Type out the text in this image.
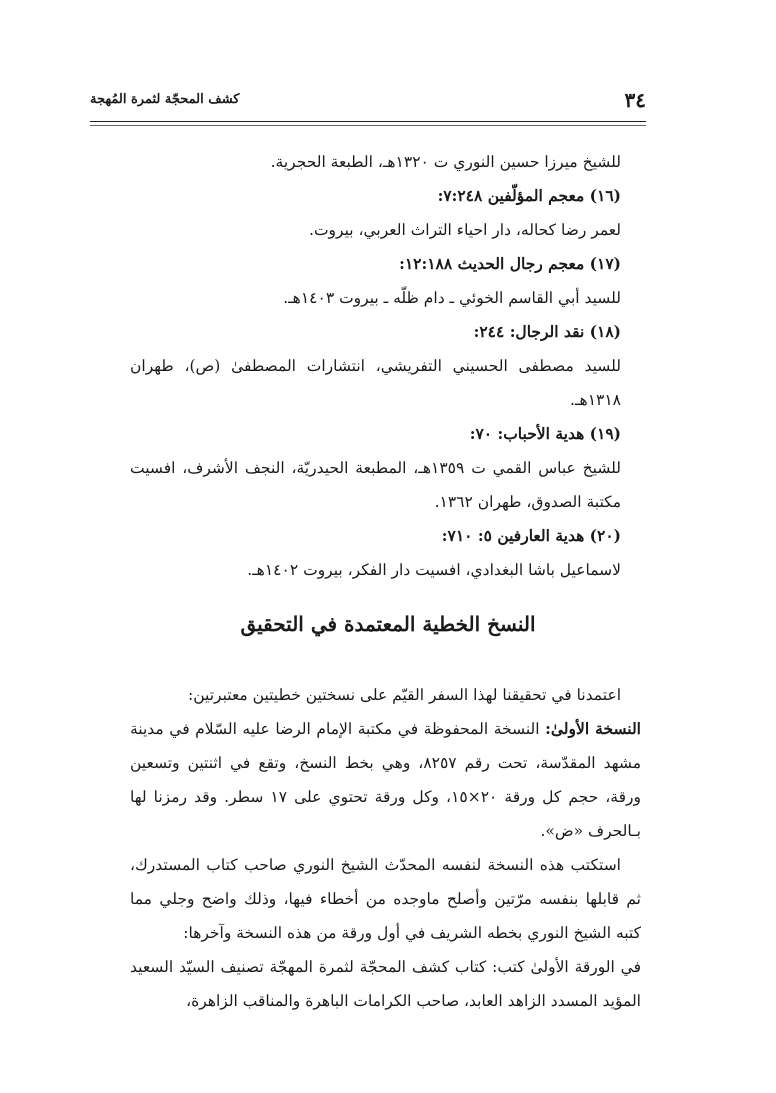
٣٤
كشف المحجّة لثمرة المُهجة

للشيخ ميرزا حسين النوري ت ١٣٢٠هـ، الطبعة الحجرية.

(١٦) معجم المؤلّفين ٧:٢٤٨:

لعمر رضا كحاله، دار احياء التراث العربي، بيروت.

(١٧) معجم رجال الحديث ١٢:١٨٨:

للسيد أبي القاسم الخوئي ـ دام ظلّه ـ بيروت ١٤٠٣هـ.

(١٨) نقد الرجال: ٢٤٤:

للسيد مصطفى الحسيني التفريشي، انتشارات المصطفىٰ (ص)، طهران ١٣١٨هـ.

(١٩) هدية الأحباب: ٧٠:

للشيخ عباس القمي ت ١٣٥٩هـ، المطبعة الحيدريّة، النجف الأشرف، افسيت مكتبة الصدوق، طهران ١٣٦٢.

(٢٠) هدية العارفين ٥: ٧١٠:

لاسماعيل باشا البغدادي، افسيت دار الفكر، بيروت ١٤٠٢هـ.

النسخ الخطية المعتمدة في التحقيق

اعتمدنا في تحقيقنا لهذا السفر القيّم على نسختين خطيتين معتبرتين:

النسخة الأولىٰ: النسخة المحفوظة في مكتبة الإمام الرضا عليه السّلام في مدينة مشهد المقدّسة، تحت رقم ٨٢٥٧، وهي بخط النسخ، وتقع في اثنتين وتسعين ورقة، حجم كل ورقة ٢٠×١٥، وكل ورقة تحتوي على ١٧ سطر. وقد رمزنا لها بـالحرف «ض».

استكتب هذه النسخة لنفسه المحدّث الشيخ النوري صاحب كتاب المستدرك، ثم قابلها بنفسه مرّتين وأصلح ماوجده من أخطاء فيها، وذلك واضح وجلي مما كتبه الشيخ النوري بخطه الشريف في أول ورقة من هذه النسخة وآخرها:

في الورقة الأولىٰ كتب: كتاب كشف المحجّة لثمرة المهجّة تصنيف السيّد السعيد المؤيد المسدد الزاهد العابد، صاحب الكرامات الباهرة والمناقب الزاهرة،
